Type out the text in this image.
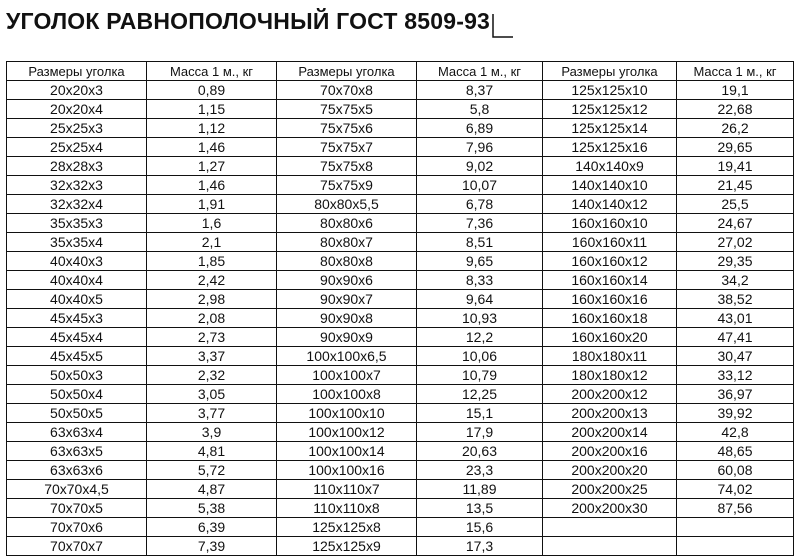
УГОЛОК РАВНОПОЛОЧНЫЙ ГОСТ 8509-93
Размеры уголка	Масса 1 м., кг	Размеры уголка	Масса 1 м., кг	Размеры уголка	Масса 1 м., кг
20x20x3	0,89	70x70x8	8,37	125x125x10	19,1
20x20x4	1,15	75x75x5	5,8	125x125x12	22,68
25x25x3	1,12	75x75x6	6,89	125x125x14	26,2
25x25x4	1,46	75x75x7	7,96	125x125x16	29,65
28x28x3	1,27	75x75x8	9,02	140x140x9	19,41
32x32x3	1,46	75x75x9	10,07	140x140x10	21,45
32x32x4	1,91	80x80x5,5	6,78	140x140x12	25,5
35x35x3	1,6	80x80x6	7,36	160x160x10	24,67
35x35x4	2,1	80x80x7	8,51	160x160x11	27,02
40x40x3	1,85	80x80x8	9,65	160x160x12	29,35
40x40x4	2,42	90x90x6	8,33	160x160x14	34,2
40x40x5	2,98	90x90x7	9,64	160x160x16	38,52
45x45x3	2,08	90x90x8	10,93	160x160x18	43,01
45x45x4	2,73	90x90x9	12,2	160x160x20	47,41
45x45x5	3,37	100x100x6,5	10,06	180x180x11	30,47
50x50x3	2,32	100x100x7	10,79	180x180x12	33,12
50x50x4	3,05	100x100x8	12,25	200x200x12	36,97
50x50x5	3,77	100x100x10	15,1	200x200x13	39,92
63x63x4	3,9	100x100x12	17,9	200x200x14	42,8
63x63x5	4,81	100x100x14	20,63	200x200x16	48,65
63x63x6	5,72	100x100x16	23,3	200x200x20	60,08
70x70x4,5	4,87	110x110x7	11,89	200x200x25	74,02
70x70x5	5,38	110x110x8	13,5	200x200x30	87,56
70x70x6	6,39	125x125x8	15,6		
70x70x7	7,39	125x125x9	17,3		
